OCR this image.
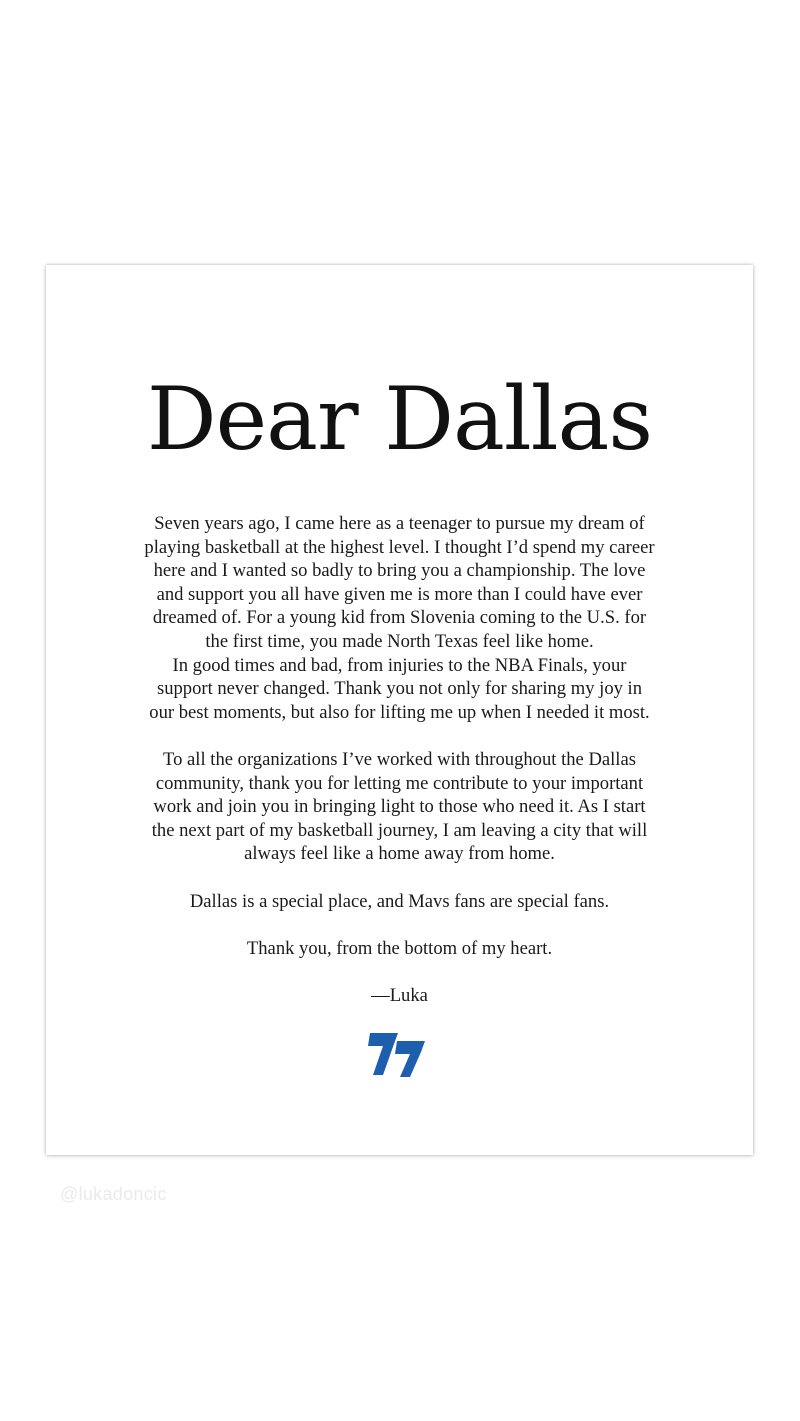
Dear Dallas
Seven years ago, I came here as a teenager to pursue my dream of
playing basketball at the highest level. I thought I’d spend my career
here and I wanted so badly to bring you a championship. The love
and support you all have given me is more than I could have ever
dreamed of. For a young kid from Slovenia coming to the U.S. for
the first time, you made North Texas feel like home.
In good times and bad, from injuries to the NBA Finals, your
support never changed. Thank you not only for sharing my joy in
our best moments, but also for lifting me up when I needed it most.
To all the organizations I’ve worked with throughout the Dallas
community, thank you for letting me contribute to your important
work and join you in bringing light to those who need it. As I start
the next part of my basketball journey, I am leaving a city that will
always feel like a home away from home.
Dallas is a special place, and Mavs fans are special fans.
Thank you, from the bottom of my heart.
—Luka
@lukadoncic
